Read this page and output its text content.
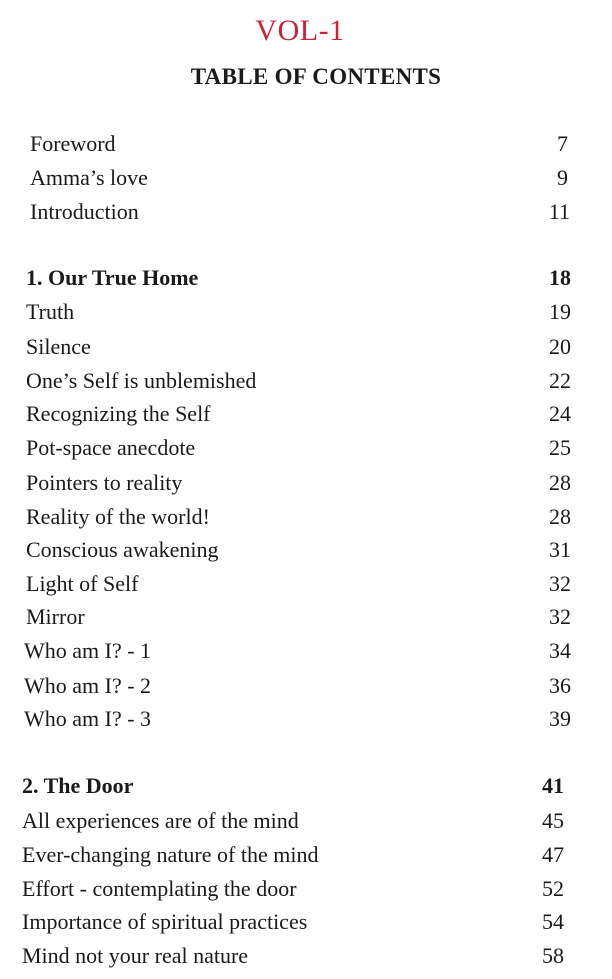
VOL-1
TABLE OF CONTENTS
Foreword	7
Amma’s love	9
Introduction	11
1. Our True Home	18
Truth	19
Silence	20
One’s Self is unblemished	22
Recognizing the Self	24
Pot-space anecdote	25
Pointers to reality	28
Reality of the world!	28
Conscious awakening	31
Light of Self	32
Mirror	32
Who am I? - 1	34
Who am I? - 2	36
Who am I? - 3	39
2. The Door	41
All experiences are of the mind	45
Ever-changing nature of the mind	47
Effort - contemplating the door	52
Importance of spiritual practices	54
Mind not your real nature	58
